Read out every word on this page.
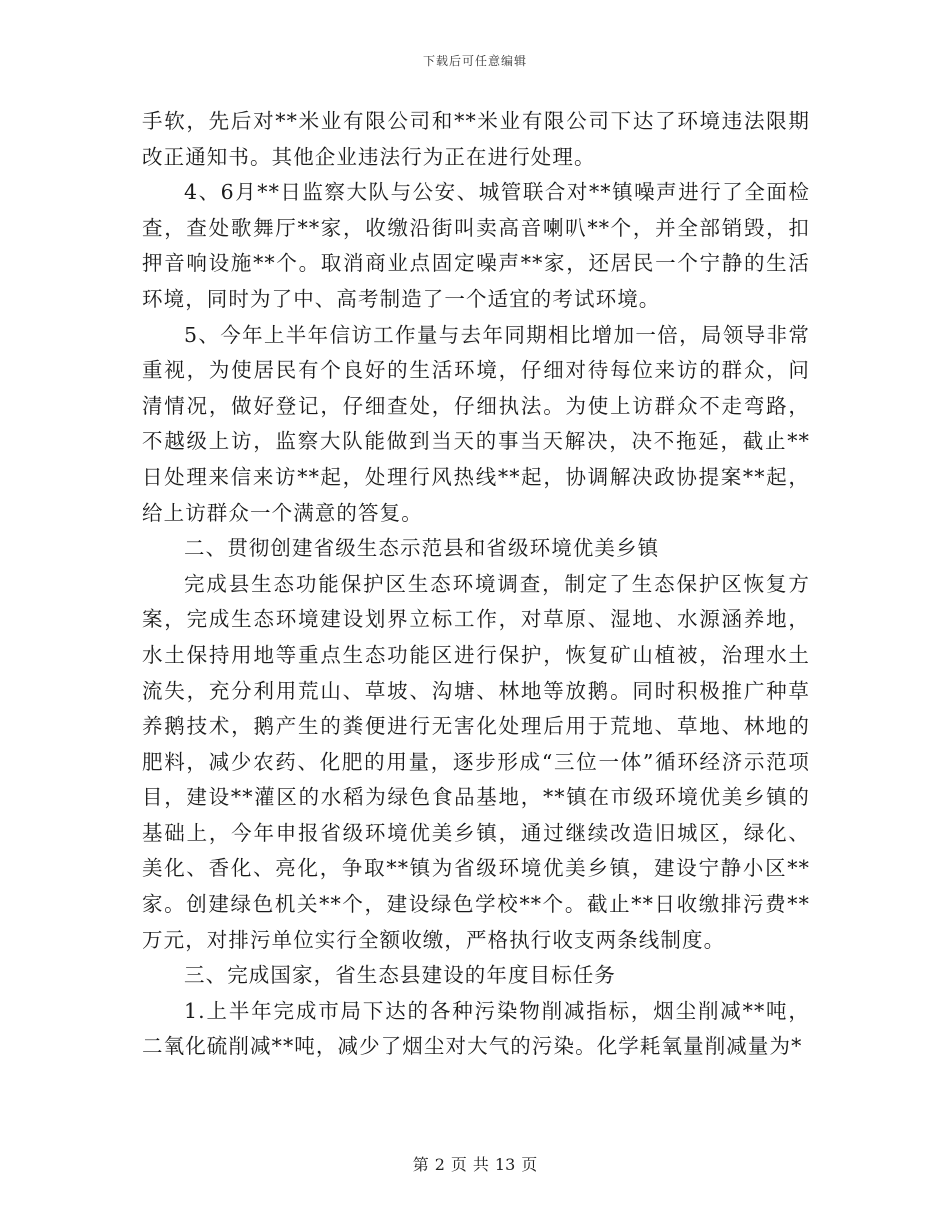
下载后可任意编辑

手软，先后对**米业有限公司和**米业有限公司下达了环境违法限期改正通知书。其他企业违法行为正在进行处理。

4、6月**日监察大队与公安、城管联合对**镇噪声进行了全面检查，查处歌舞厅**家，收缴沿街叫卖高音喇叭**个，并全部销毁，扣押音响设施**个。取消商业点固定噪声**家，还居民一个宁静的生活环境，同时为了中、高考制造了一个适宜的考试环境。

5、今年上半年信访工作量与去年同期相比增加一倍，局领导非常重视，为使居民有个良好的生活环境，仔细对待每位来访的群众，问清情况，做好登记，仔细查处，仔细执法。为使上访群众不走弯路，不越级上访，监察大队能做到当天的事当天解决，决不拖延，截止**日处理来信来访**起，处理行风热线**起，协调解决政协提案**起，给上访群众一个满意的答复。

二、贯彻创建省级生态示范县和省级环境优美乡镇

完成县生态功能保护区生态环境调查，制定了生态保护区恢复方案，完成生态环境建设划界立标工作，对草原、湿地、水源涵养地，水土保持用地等重点生态功能区进行保护，恢复矿山植被，治理水土流失，充分利用荒山、草坡、沟塘、林地等放鹅。同时积极推广种草养鹅技术，鹅产生的粪便进行无害化处理后用于荒地、草地、林地的肥料，减少农药、化肥的用量，逐步形成“三位一体”循环经济示范项目，建设**灌区的水稻为绿色食品基地，**镇在市级环境优美乡镇的基础上，今年申报省级环境优美乡镇，通过继续改造旧城区，绿化、美化、香化、亮化，争取**镇为省级环境优美乡镇，建设宁静小区**家。创建绿色机关**个，建设绿色学校**个。截止**日收缴排污费**万元，对排污单位实行全额收缴，严格执行收支两条线制度。

三、完成国家，省生态县建设的年度目标任务

1.上半年完成市局下达的各种污染物削减指标，烟尘削减**吨，二氧化硫削减**吨，减少了烟尘对大气的污染。化学耗氧量削减量为*

第 2 页 共 13 页
